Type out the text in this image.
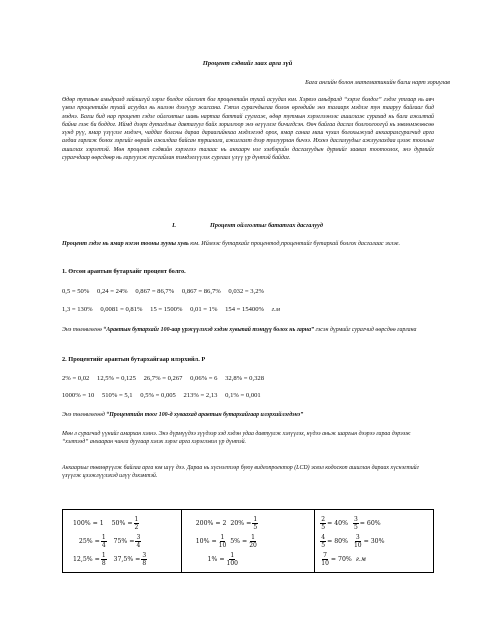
Процент сэдвийг заах арга зүй
Бага ангийн болон математикийн багш нарт зориулав
Өдөр тутмын амьдралд зайлшгүй хэрэг болдог ойлголт бол процентийн тухай асуудал юм. Хэрвээ амьдралд “хэрэг болдог” гэдэг утгаар нь авч үзвэл процентийн тухай асуудал нь нилээн дээгүүр жагсана. Гэтэл сурагчдыгаа болон өргөдийн энэ талаарх мэдлэг тун тааруу байгааг бид мэднэ. Багш бид нар процент гэдэг ойлголтыг шавь нартаа баттай суулгаж, өдөр тутмын хэрэглээнээс ашиглаж сурахад нь бага ажилтай байна гэж би боддог. Иймд дээрх дутагдлыг давтагуул байх зорилгоор энэ өгүүллэг бичигдсэн. Өөч байгаа дасгал болгоогоогүй нь зөвлөмжөөсөө хүнд рүү, ямар үзүүлэг мэдэгч, чаддаг болсны дараа дараагийнхаа мэдлэгээд орох, ямар санаа маш чухал болохыжуид анхааралсурагчид арга алдаа гаргаж болох зэргийг өөрийн ажилдаа байсан туршлага, ажиглалт дээр тулгуурлан бичээ. Иххнэ дасгалуудыг ажлуулахдаа цээж тооллыг ашиглах хэрэгтэй. Мөн процент сэдвийн хэрэглээ талаас нь анхаарч нэг хэлбэрийн дасгалуудын дурмийг заавал тоотоолох, энэ дурмийг сурагчдаар өөрсдөөр нь гаргуулж тусгайлан тэмдэглүүлэх сургаал үлүү үр дүнтэй байдаг.
I.	Процент ойлголтыг бататгах дасгалууд
Процент гэдэг нь ямар нэгэн тооны зууны хувь юм. Иймээс бутархайг процентод,процентийг бутархай болгох дасгалаас эхлэе.
1. Өгсөн аравтын бутархайг процент болго.
0,5 = 50% 0,24 = 24% 0,867 = 86,7% 0,867 = 86,7% 0,032 = 3,2%
1,3 = 130% 0,0081 = 0,81% 15 = 1500% 0,01 = 1% 154 = 15400% г.м
Энэ төлөвлөгөө “Аравтын бутархайг 100-аар үржүүлэхэд хэдэн хувьтай тэнцүү болох нь гарна” гэсэн дүрмийг сурагчид өөрсдөө гаргана
2. Процентийг аравтын бутархайгаар илэрхийл. Р
2% = 0,02 12,5% = 0,125 26,7% = 0,267 0,06% = 6 32,8% = 0,328
1000% = 10 510% = 5,1 0,5% = 0,005 213% = 2,13 0,1% = 0,001
Энэ төлөвлөгөөд “Процентийн тоог 100-д хуваахад аравтын бутархайгаар илэрхийлэгдэнэ”
Мөн л сурагчид үүнийг амархан хэлнэ. Энэ дүрмүүдээ зүүдээр хэд хэдэн удаа давтуулж хэлүүлэх, нүдээ аньж шаргын дээрээ гараа дэрээж “хэлтээд” анхааран чинга дуугаар хэлэх зэрэг арга хэрэглэвэл үр дүнтэй.
Анхаарлыг төвлөрүүлж байгаа арга юм шүү дээ. Дараа нь хүснэгтээр буюу видеопроектор (LCD) эсвэл кодоскоп ашиглан дараах хүснэгтийг үзүүлж цээжлүүлэхэд илүү дэхэмтэй.
100% = 1 $50\% = \frac{1}{2}$
$25\% = \frac{1}{4} 75\% = \frac{3}{4}$
$12,5\% = \frac{1}{8} 37,5\% = \frac{3}{8}$

200% = 2 $20\% = \frac{1}{5}$
$10\% = \frac{1}{10} 5\% = \frac{1}{20}$
$1\% = \frac{1}{100}$

$\frac{2}{5} = 40\% \frac{3}{5} = 60\%$
$\frac{4}{5} = 80\% \frac{3}{10} = 30\%$
$\frac{7}{10} = 70\%$ г.м
